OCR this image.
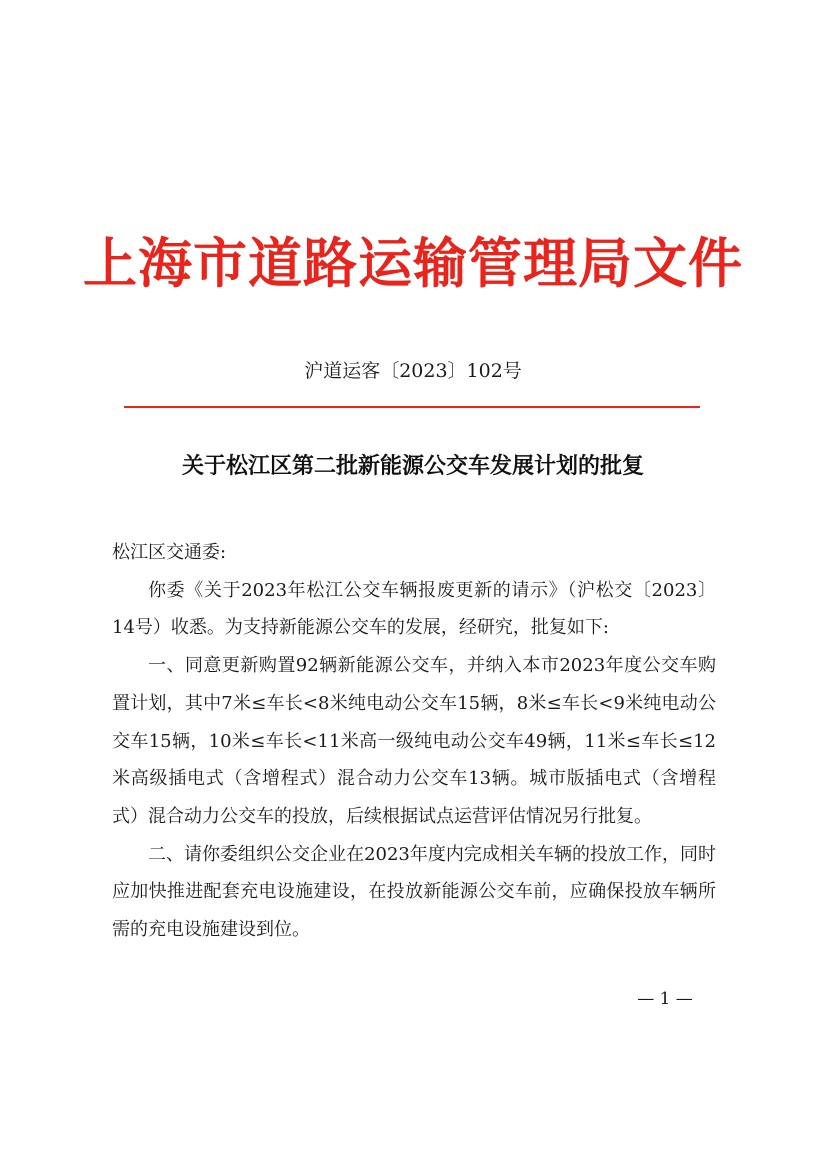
上海市道路运输管理局文件
沪道运客〔2023〕102号
关于松江区第二批新能源公交车发展计划的批复

松江区交通委:

你委《关于2023年松江公交车辆报废更新的请示》（沪松交〔2023〕14号）收悉。为支持新能源公交车的发展，经研究，批复如下:

一、同意更新购置92辆新能源公交车，并纳入本市2023年度公交车购置计划，其中7米≤车长<8米纯电动公交车15辆，8米≤车长<9米纯电动公交车15辆，10米≤车长<11米高一级纯电动公交车49辆，11米≤车长≤12米高级插电式（含增程式）混合动力公交车13辆。城市版插电式（含增程式）混合动力公交车的投放，后续根据试点运营评估情况另行批复。

二、请你委组织公交企业在2023年度内完成相关车辆的投放工作，同时应加快推进配套充电设施建设，在投放新能源公交车前，应确保投放车辆所需的充电设施建设到位。

— 1 —
